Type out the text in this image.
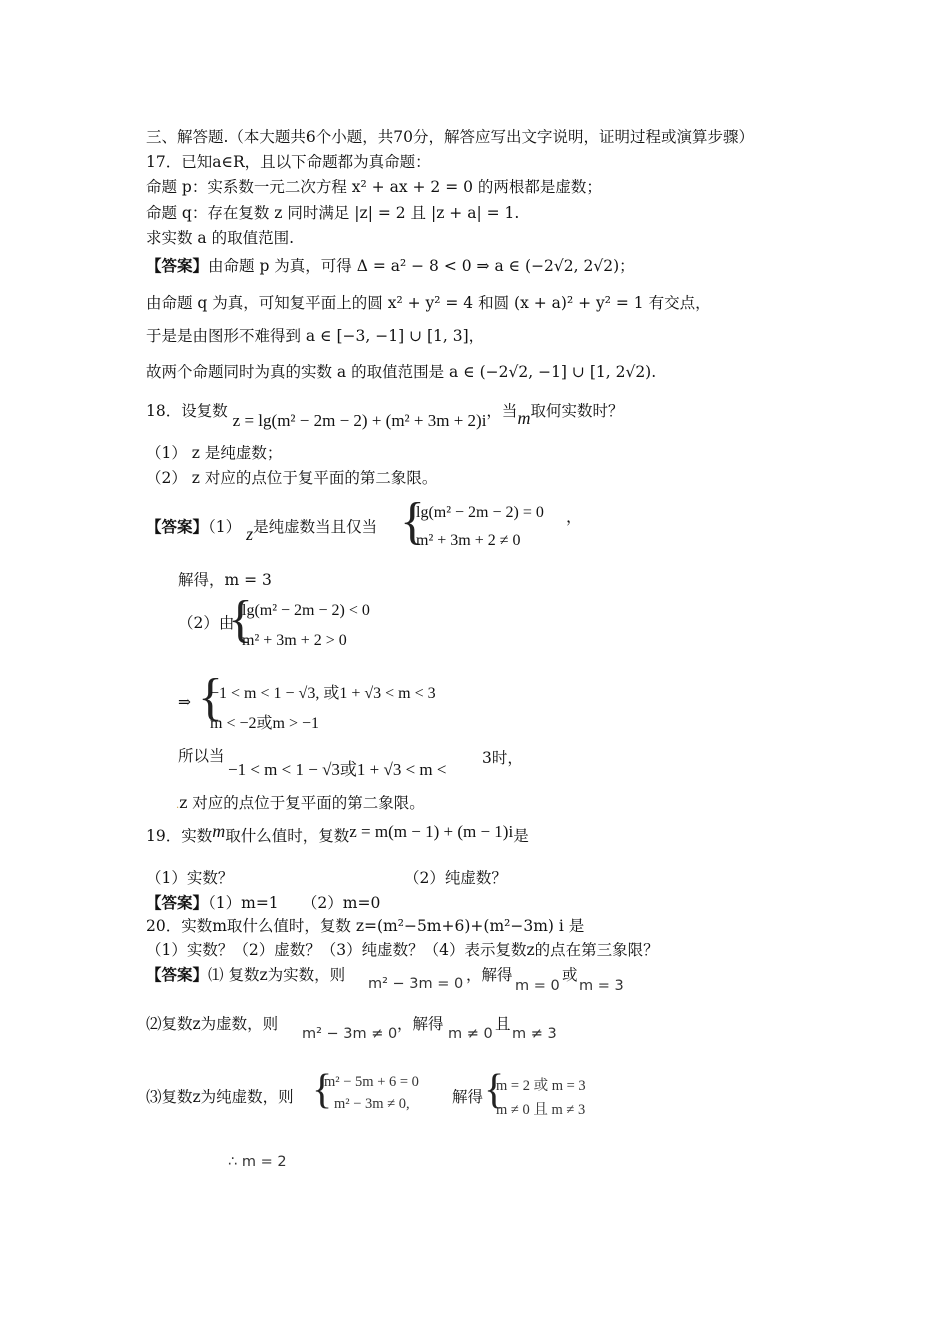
三、解答题.（本大题共6个小题，共70分，解答应写出文字说明，证明过程或演算步骤）
17．已知a∈R，且以下命题都为真命题：
命题 p：实系数一元二次方程 x² + ax + 2 = 0 的两根都是虚数；
命题 q：存在复数 z 同时满足 |z| = 2 且 |z + a| = 1.
求实数 a 的取值范围.
【答案】由命题 p 为真，可得 Δ = a² − 8 < 0 ⇒ a ∈ (−2√2, 2√2)；
由命题 q 为真，可知复平面上的圆 x² + y² = 4 和圆 (x + a)² + y² = 1 有交点，
于是是由图形不难得到 a ∈ [−3, −1] ∪ [1, 3]，
故两个命题同时为真的实数 a 的取值范围是 a ∈ (−2√2, −1] ∪ [1, 2√2).
18．设复数 z = lg(m² − 2m − 2) + (m² + 3m + 2)i，当m取何实数时？
（1） z 是纯虚数；
（2） z 对应的点位于复平面的第二象限。
【答案】（1） z是纯虚数当且仅当 {
lg(m² − 2m − 2) = 0
m² + 3m + 2 ≠ 0
，
解得，m = 3
（2）由
{
lg(m² − 2m − 2) < 0
m² + 3m + 2 > 0
⇒ {
−1 < m < 1 − √3, 或1 + √3 < m < 3
m < −2或m > −1
所以当
−1 < m < 1 − √3或1 + √3 < m <
3时，
.z 对应的点位于复平面的第二象限。
19．实数m取什么值时，复数z = m(m − 1) + (m − 1)i是
（1）实数？	（2）纯虚数？
【答案】（1）m=1　　（2）m=0
20．实数m取什么值时，复数 z=(m²−5m+6)+(m²−3m) i 是
（1）实数？（2）虚数？（3）纯虚数？（4）表示复数z的点在第三象限？
【答案】⑴ 复数z为实数，则 m² − 3m = 0 ，解得
m = 0
或
m = 3
⑵复数z为虚数，则
m² − 3m ≠ 0
，解得
m ≠ 0
且
m ≠ 3
⑶复数z为纯虚数，则 {
m² − 5m + 6 = 0
m² − 3m ≠ 0,	解得 {
m = 2 或 m = 3
m ≠ 0 且 m ≠ 3
∴ m = 2
